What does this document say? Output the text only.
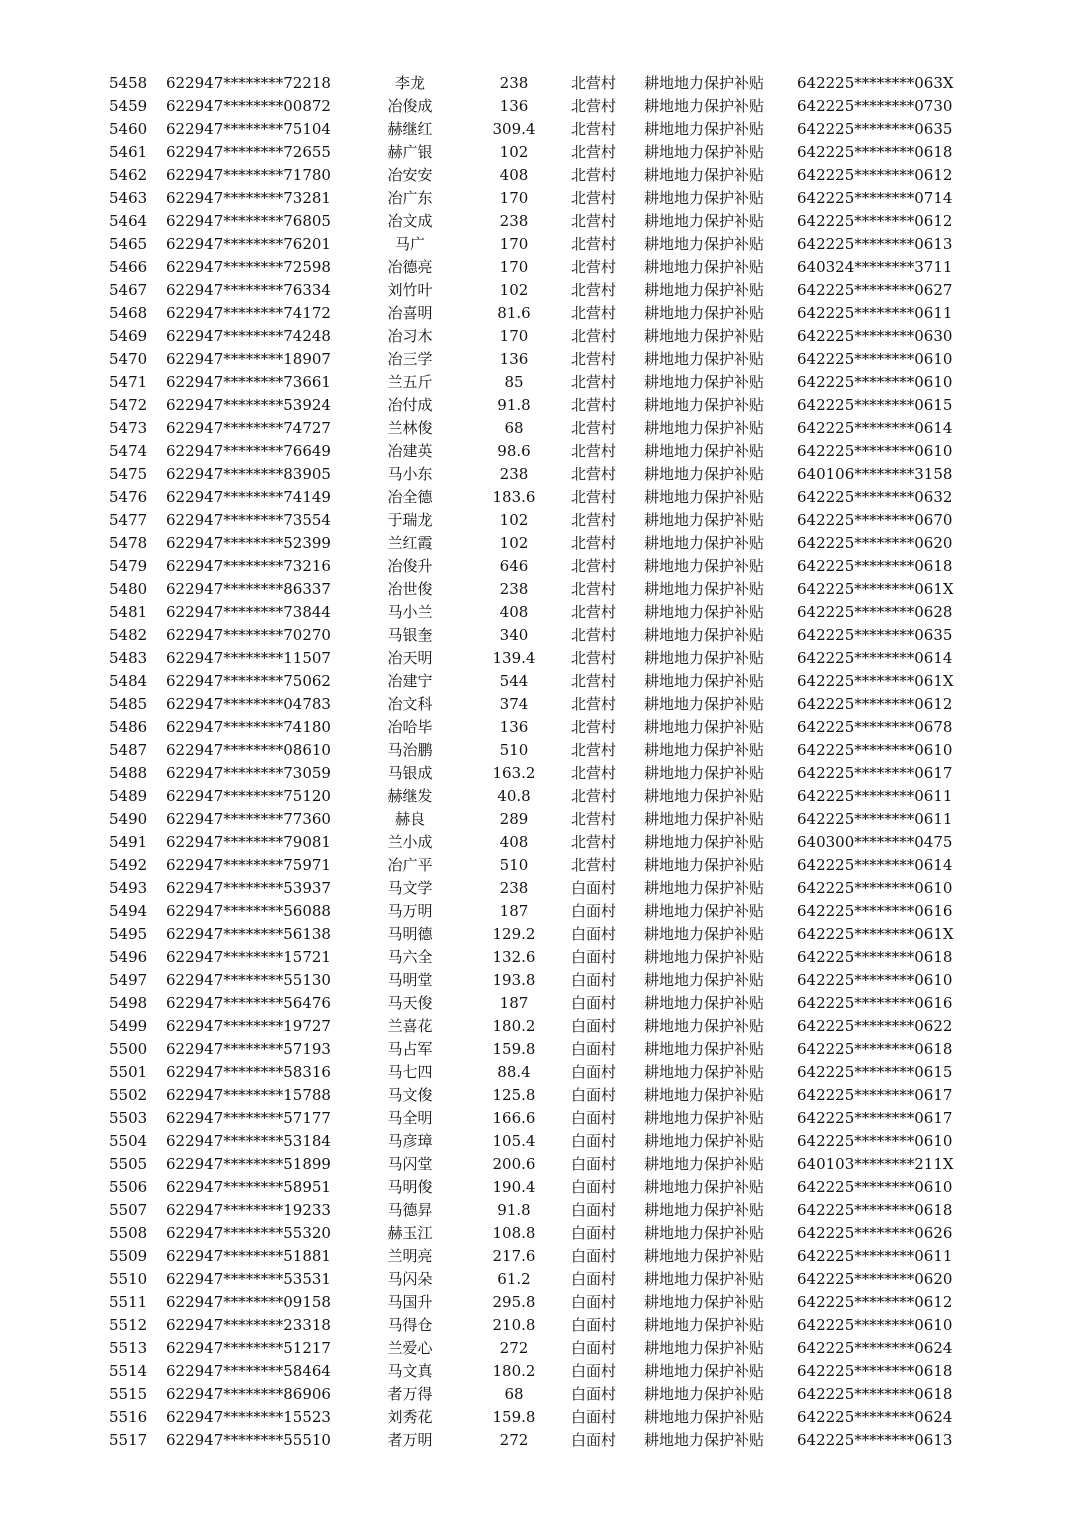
5458 622947********72218	李龙	238	北营村 耕地地力保护补贴 642225********063X
5459 622947********00872	冶俊成	136	北营村 耕地地力保护补贴 642225********0730
5460 622947********75104	赫继红	309.4	北营村 耕地地力保护补贴 642225********0635
5461 622947********72655	赫广银	102	北营村 耕地地力保护补贴 642225********0618
5462 622947********71780	冶安安	408	北营村 耕地地力保护补贴 642225********0612
5463 622947********73281	冶广东	170	北营村 耕地地力保护补贴 642225********0714
5464 622947********76805	冶文成	238	北营村 耕地地力保护补贴 642225********0612
5465 622947********76201	马广	170	北营村 耕地地力保护补贴 642225********0613
5466 622947********72598	冶德亮	170	北营村 耕地地力保护补贴 640324********3711
5467 622947********76334	刘竹叶	102	北营村 耕地地力保护补贴 642225********0627
5468 622947********74172	冶喜明	81.6	北营村 耕地地力保护补贴 642225********0611
5469 622947********74248	冶习木	170	北营村 耕地地力保护补贴 642225********0630
5470 622947********18907	冶三学	136	北营村 耕地地力保护补贴 642225********0610
5471 622947********73661	兰五斤	85	北营村 耕地地力保护补贴 642225********0610
5472 622947********53924	冶付成	91.8	北营村 耕地地力保护补贴 642225********0615
5473 622947********74727	兰林俊	68	北营村 耕地地力保护补贴 642225********0614
5474 622947********76649	冶建英	98.6	北营村 耕地地力保护补贴 642225********0610
5475 622947********83905	马小东	238	北营村 耕地地力保护补贴 640106********3158
5476 622947********74149	冶全德	183.6	北营村 耕地地力保护补贴 642225********0632
5477 622947********73554	于瑞龙	102	北营村 耕地地力保护补贴 642225********0670
5478 622947********52399	兰红霞	102	北营村 耕地地力保护补贴 642225********0620
5479 622947********73216	冶俊升	646	北营村 耕地地力保护补贴 642225********0618
5480 622947********86337	冶世俊	238	北营村 耕地地力保护补贴 642225********061X
5481 622947********73844	马小兰	408	北营村 耕地地力保护补贴 642225********0628
5482 622947********70270	马银奎	340	北营村 耕地地力保护补贴 642225********0635
5483 622947********11507	冶天明	139.4	北营村 耕地地力保护补贴 642225********0614
5484 622947********75062	冶建宁	544	北营村 耕地地力保护补贴 642225********061X
5485 622947********04783	冶文科	374	北营村 耕地地力保护补贴 642225********0612
5486 622947********74180	冶哈毕	136	北营村 耕地地力保护补贴 642225********0678
5487 622947********08610	马治鹏	510	北营村 耕地地力保护补贴 642225********0610
5488 622947********73059	马银成	163.2	北营村 耕地地力保护补贴 642225********0617
5489 622947********75120	赫继发	40.8	北营村 耕地地力保护补贴 642225********0611
5490 622947********77360	赫良	289	北营村 耕地地力保护补贴 642225********0611
5491 622947********79081	兰小成	408	北营村 耕地地力保护补贴 640300********0475
5492 622947********75971	冶广平	510	北营村 耕地地力保护补贴 642225********0614
5493 622947********53937	马文学	238	白面村 耕地地力保护补贴 642225********0610
5494 622947********56088	马万明	187	白面村 耕地地力保护补贴 642225********0616
5495 622947********56138	马明德	129.2	白面村 耕地地力保护补贴 642225********061X
5496 622947********15721	马六全	132.6	白面村 耕地地力保护补贴 642225********0618
5497 622947********55130	马明堂	193.8	白面村 耕地地力保护补贴 642225********0610
5498 622947********56476	马天俊	187	白面村 耕地地力保护补贴 642225********0616
5499 622947********19727	兰喜花	180.2	白面村 耕地地力保护补贴 642225********0622
5500 622947********57193	马占军	159.8	白面村 耕地地力保护补贴 642225********0618
5501 622947********58316	马七四	88.4	白面村 耕地地力保护补贴 642225********0615
5502 622947********15788	马文俊	125.8	白面村 耕地地力保护补贴 642225********0617
5503 622947********57177	马全明	166.6	白面村 耕地地力保护补贴 642225********0617
5504 622947********53184	马彦璋	105.4	白面村 耕地地力保护补贴 642225********0610
5505 622947********51899	马闪堂	200.6	白面村 耕地地力保护补贴 640103********211X
5506 622947********58951	马明俊	190.4	白面村 耕地地力保护补贴 642225********0610
5507 622947********19233	马德昇	91.8	白面村 耕地地力保护补贴 642225********0618
5508 622947********55320	赫玉江	108.8	白面村 耕地地力保护补贴 642225********0626
5509 622947********51881	兰明亮	217.6	白面村 耕地地力保护补贴 642225********0611
5510 622947********53531	马闪朵	61.2	白面村 耕地地力保护补贴 642225********0620
5511 622947********09158	马国升	295.8	白面村 耕地地力保护补贴 642225********0612
5512 622947********23318	马得仓	210.8	白面村 耕地地力保护补贴 642225********0610
5513 622947********51217	兰爱心	272	白面村 耕地地力保护补贴 642225********0624
5514 622947********58464	马文真	180.2	白面村 耕地地力保护补贴 642225********0618
5515 622947********86906	者万得	68	白面村 耕地地力保护补贴 642225********0618
5516 622947********15523	刘秀花	159.8	白面村 耕地地力保护补贴 642225********0624
5517 622947********55510	者万明	272	白面村 耕地地力保护补贴 642225********0613
